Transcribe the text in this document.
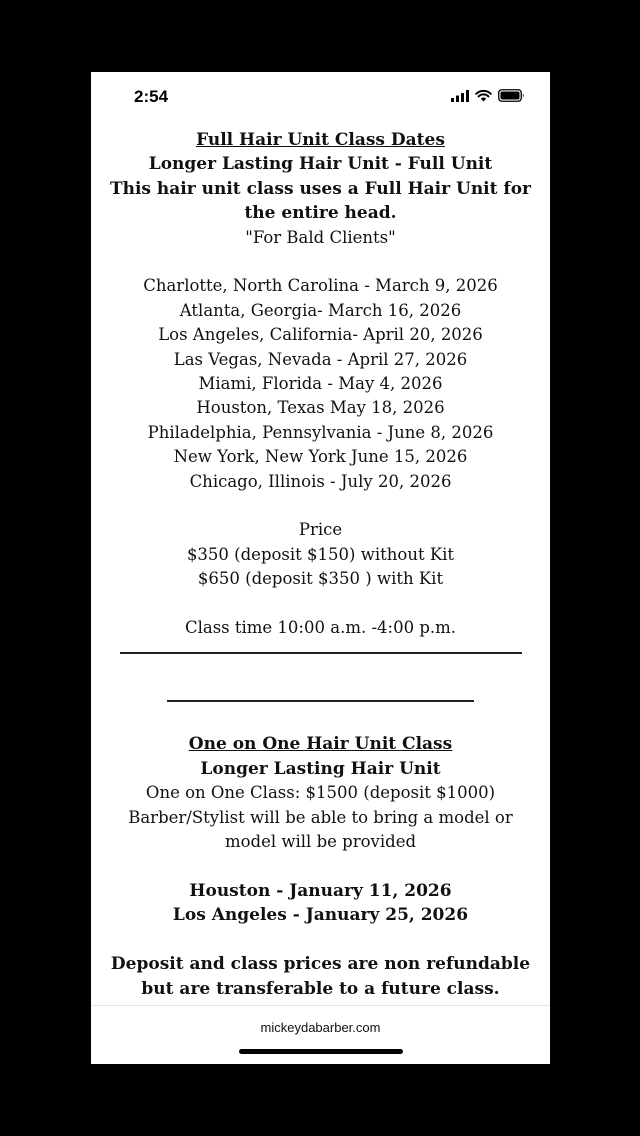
2:54
Full Hair Unit Class Dates
Longer Lasting Hair Unit - Full Unit
This hair unit class uses a Full Hair Unit for
the entire head.
"For Bald Clients"
Charlotte, North Carolina - March 9, 2026
Atlanta, Georgia- March 16, 2026
Los Angeles, California- April 20, 2026
Las Vegas, Nevada - April 27, 2026
Miami, Florida - May 4, 2026
Houston, Texas May 18, 2026
Philadelphia, Pennsylvania - June 8, 2026
New York, New York June 15, 2026
Chicago, Illinois - July 20, 2026
Price
$350 (deposit $150) without Kit
$650 (deposit $350 ) with Kit
Class time 10:00 a.m. -4:00 p.m.
One on One Hair Unit Class
Longer Lasting Hair Unit
One on One Class: $1500 (deposit $1000)
Barber/Stylist will be able to bring a model or
model will be provided
Houston - January 11, 2026
Los Angeles - January 25, 2026
Deposit and class prices are non refundable
but are transferable to a future class.
mickeydabarber.com
